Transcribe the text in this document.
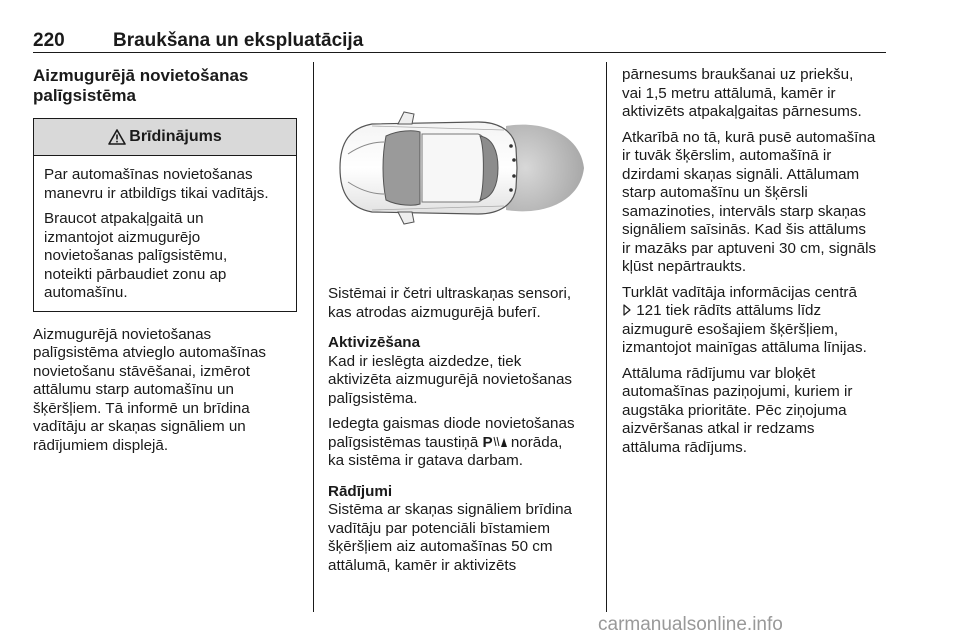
220	Braukšana un ekspluatācija
Aizmugurējā novietošanas
palīgsistēma
Brīdinājums

Par automašīnas novietošanas
manevru ir atbildīgs tikai vadītājs.

Braucot atpakaļgaitā un
izmantojot aizmugurējo
novietošanas palīgsistēmu,
noteikti pārbaudiet zonu ap
automašīnu.

Aizmugurējā novietošanas
palīgsistēma atvieglo automašīnas
novietošanu stāvēšanai, izmērot
attālumu starp automašīnu un
šķēršļiem. Tā informē un brīdina
vadītāju ar skaņas signāliem un
rādījumiem displejā.

Sistēmai ir četri ultraskaņas sensori,
kas atrodas aizmugurējā buferī.

Aktivizēšana

Kad ir ieslēgta aizdedze, tiek
aktivizēta aizmugurējā novietošanas
palīgsistēma.

Iedegta gaismas diode novietošanas
palīgsistēmas taustiņā P norāda,
ka sistēma ir gatava darbam.

Rādījumi

Sistēma ar skaņas signāliem brīdina
vadītāju par potenciāli bīstamiem
šķēršļiem aiz automašīnas 50 cm
attālumā, kamēr ir aktivizēts

pārnesums braukšanai uz priekšu,
vai 1,5 metru attālumā, kamēr ir
aktivizēts atpakaļgaitas pārnesums.

Atkarībā no tā, kurā pusē automašīna
ir tuvāk šķērslim, automašīnā ir
dzirdami skaņas signāli. Attālumam
starp automašīnu un šķērsli
samazinoties, intervāls starp skaņas
signāliem saīsinās. Kad šis attālums
ir mazāks par aptuveni 30 cm, signāls
kļūst nepārtraukts.

Turklāt vadītāja informācijas centrā
121 tiek rādīts attālums līdz
aizmugurē esošajiem šķēršļiem,
izmantojot mainīgas attāluma līnijas.

Attāluma rādījumu var bloķēt
automašīnas paziņojumi, kuriem ir
augstāka prioritāte. Pēc ziņojuma
aizvēršanas atkal ir redzams
attāluma rādījums.

carmanualsonline.info
